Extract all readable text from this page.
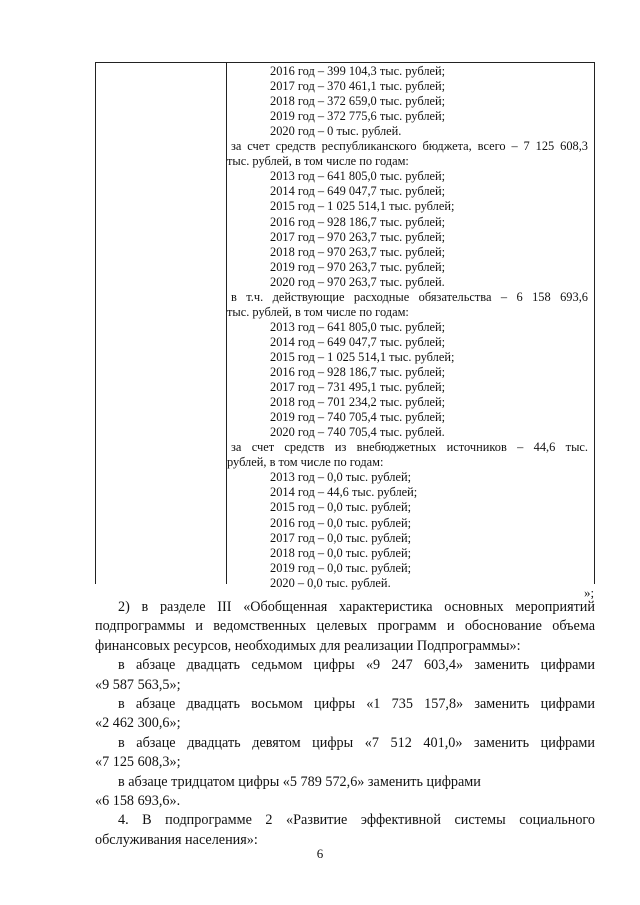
2016 год – 399 104,3 тыс. рублей;
2017 год – 370 461,1 тыс. рублей;
2018 год – 372 659,0 тыс. рублей;
2019 год – 372 775,6 тыс. рублей;
2020 год – 0 тыс. рублей.
за счет средств республиканского бюджета, всего – 7 125 608,3
тыс. рублей, в том числе по годам:
2013 год – 641 805,0 тыс. рублей;
2014 год – 649 047,7 тыс. рублей;
2015 год – 1 025 514,1 тыс. рублей;
2016 год – 928 186,7 тыс. рублей;
2017 год – 970 263,7 тыс. рублей;
2018 год – 970 263,7 тыс. рублей;
2019 год – 970 263,7 тыс. рублей;
2020 год – 970 263,7 тыс. рублей.
в т.ч. действующие расходные обязательства – 6 158 693,6
тыс. рублей, в том числе по годам:
2013 год – 641 805,0 тыс. рублей;
2014 год – 649 047,7 тыс. рублей;
2015 год – 1 025 514,1 тыс. рублей;
2016 год – 928 186,7 тыс. рублей;
2017 год – 731 495,1 тыс. рублей;
2018 год – 701 234,2 тыс. рублей;
2019 год – 740 705,4 тыс. рублей;
2020 год – 740 705,4 тыс. рублей.
за счет средств из внебюджетных источников – 44,6 тыс.
рублей, в том числе по годам:
2013 год – 0,0 тыс. рублей;
2014 год – 44,6 тыс. рублей;
2015 год – 0,0 тыс. рублей;
2016 год – 0,0 тыс. рублей;
2017 год – 0,0 тыс. рублей;
2018 год – 0,0 тыс. рублей;
2019 год – 0,0 тыс. рублей;
2020 – 0,0 тыс. рублей.
»;
2) в разделе III «Обобщенная характеристика основных мероприятий
подпрограммы и ведомственных целевых программ и обоснование объема
финансовых ресурсов, необходимых для реализации Подпрограммы»:
в абзаце двадцать седьмом цифры «9 247 603,4» заменить цифрами
«9 587 563,5»;
в абзаце двадцать восьмом цифры «1 735 157,8» заменить цифрами
«2 462 300,6»;
в абзаце двадцать девятом цифры «7 512 401,0» заменить цифрами
«7 125 608,3»;
в абзаце тридцатом цифры «5 789 572,6» заменить цифрами
«6 158 693,6».
4. В подпрограмме 2 «Развитие эффективной системы социального
обслуживания населения»:
6
